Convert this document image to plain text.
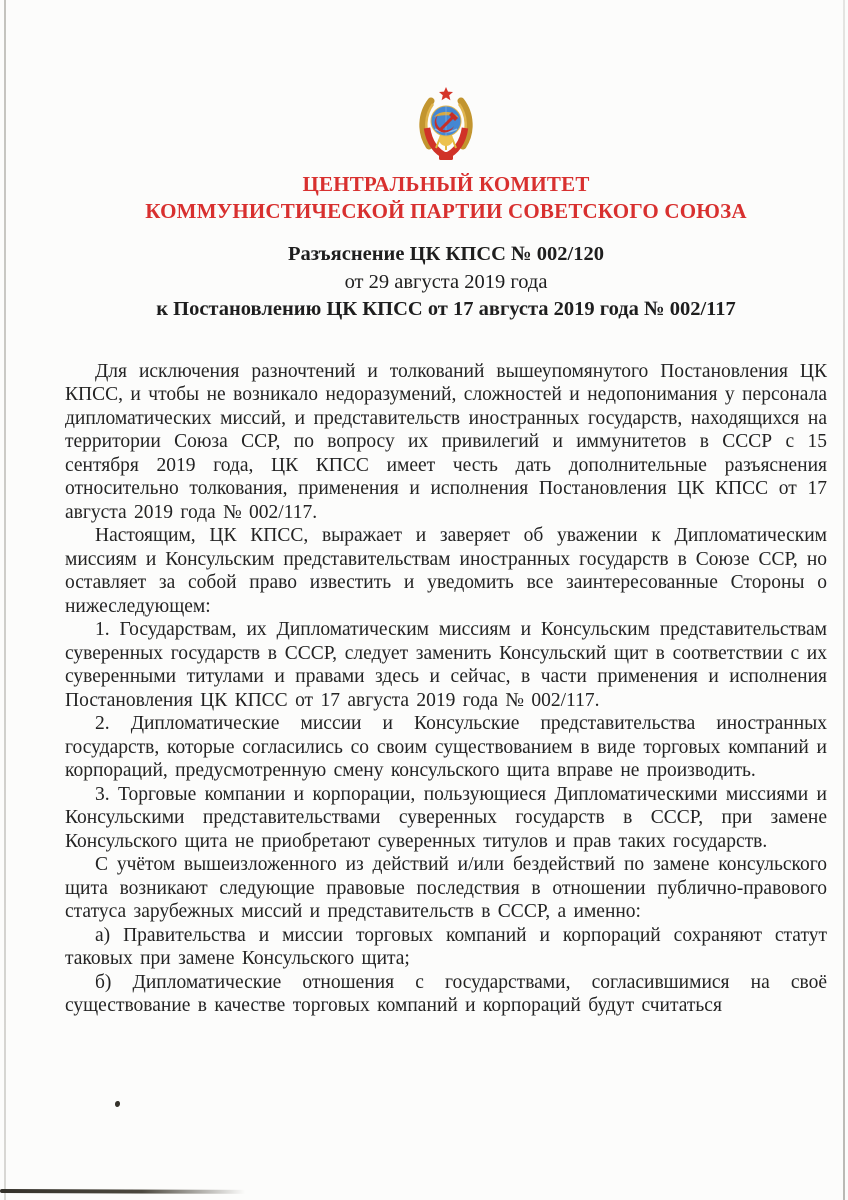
ЦЕНТРАЛЬНЫЙ КОМИТЕТ
КОММУНИСТИЧЕСКОЙ ПАРТИИ СОВЕТСКОГО СОЮЗА
Разъяснение ЦК КПСС № 002/120
от 29 августа 2019 года
к Постановлению ЦК КПСС от 17 августа 2019 года № 002/117

Для исключения разночтений и толкований вышеупомянутого Постановления ЦК КПСС, и чтобы не возникало недоразумений, сложностей и недопонимания у персонала дипломатических миссий, и представительств иностранных государств, находящихся на территории Союза ССР, по вопросу их привилегий и иммунитетов в СССР с 15 сентября 2019 года, ЦК КПСС имеет честь дать дополнительные разъяснения относительно толкования, применения и исполнения Постановления ЦК КПСС от 17 августа 2019 года № 002/117.

Настоящим, ЦК КПСС, выражает и заверяет об уважении к Дипломатическим миссиям и Консульским представительствам иностранных государств в Союзе ССР, но оставляет за собой право известить и уведомить все заинтересованные Стороны о нижеследующем:

1. Государствам, их Дипломатическим миссиям и Консульским представительствам суверенных государств в СССР, следует заменить Консульский щит в соответствии с их суверенными титулами и правами здесь и сейчас, в части применения и исполнения Постановления ЦК КПСС от 17 августа 2019 года № 002/117.

2. Дипломатические миссии и Консульские представительства иностранных государств, которые согласились со своим существованием в виде торговых компаний и корпораций, предусмотренную смену консульского щита вправе не производить.

3. Торговые компании и корпорации, пользующиеся Дипломатическими миссиями и Консульскими представительствами суверенных государств в СССР, при замене Консульского щита не приобретают суверенных титулов и прав таких государств.

С учётом вышеизложенного из действий и/или бездействий по замене консульского щита возникают следующие правовые последствия в отношении публично-правового статуса зарубежных миссий и представительств в СССР, а именно:

а) Правительства и миссии торговых компаний и корпораций сохраняют статут таковых при замене Консульского щита;

б) Дипломатические отношения с государствами, согласившимися на своё существование в качестве торговых компаний и корпораций будут считаться
